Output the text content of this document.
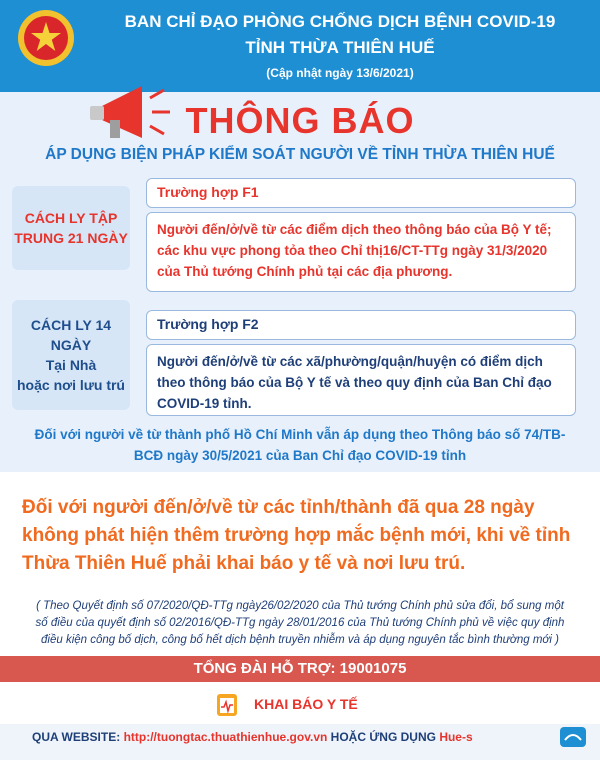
BAN CHỈ ĐẠO PHÒNG CHỐNG DỊCH BỆNH COVID-19
TỈNH THỪA THIÊN HUẾ
(Cập nhật ngày 13/6/2021)
THÔNG BÁO
ÁP DỤNG BIỆN PHÁP KIỂM SOÁT NGƯỜI VỀ TỈNH THỪA THIÊN HUẾ
CÁCH LY TẬP
TRUNG 21 NGÀY
Trường hợp F1
Người đến/ở/về từ các điểm dịch theo thông báo của Bộ Y tế; các khu vực phong tỏa theo Chỉ thị16/CT-TTg ngày 31/3/2020 của Thủ tướng Chính phủ tại các địa phương.
CÁCH LY 14
NGÀY
Tại Nhà
hoặc nơi lưu trú
Trường hợp F2
Người đến/ở/về từ các xã/phường/quận/huyện có điểm dịch theo thông báo của Bộ Y tế và theo quy định của Ban Chỉ đạo COVID-19 tỉnh.
Đối với người về từ thành phố Hồ Chí Minh vẫn áp dụng theo Thông báo số 74/TB-BCĐ ngày 30/5/2021 của Ban Chỉ đạo COVID-19 tỉnh
Đối với người đến/ở/về từ các tỉnh/thành đã qua 28 ngày không phát hiện thêm trường hợp mắc bệnh mới, khi về tỉnh Thừa Thiên Huế phải khai báo y tế và nơi lưu trú.
( Theo Quyết định số 07/2020/QĐ-TTg ngày26/02/2020 của Thủ tướng Chính phủ sửa đổi, bổ sung một số điều của quyết định số 02/2016/QĐ-TTg ngày 28/01/2016 của Thủ tướng Chính phủ về việc quy định điều kiện công bố dịch, công bố hết dịch bệnh truyền nhiễm và áp dụng nguyên tắc bình thường mới )
TỔNG ĐÀI HỖ TRỢ: 19001075
KHAI BÁO Y TẾ
QUA WEBSITE: http://tuongtac.thuathienhue.gov.vn HOẶC ỨNG DỤNG Hue-s
